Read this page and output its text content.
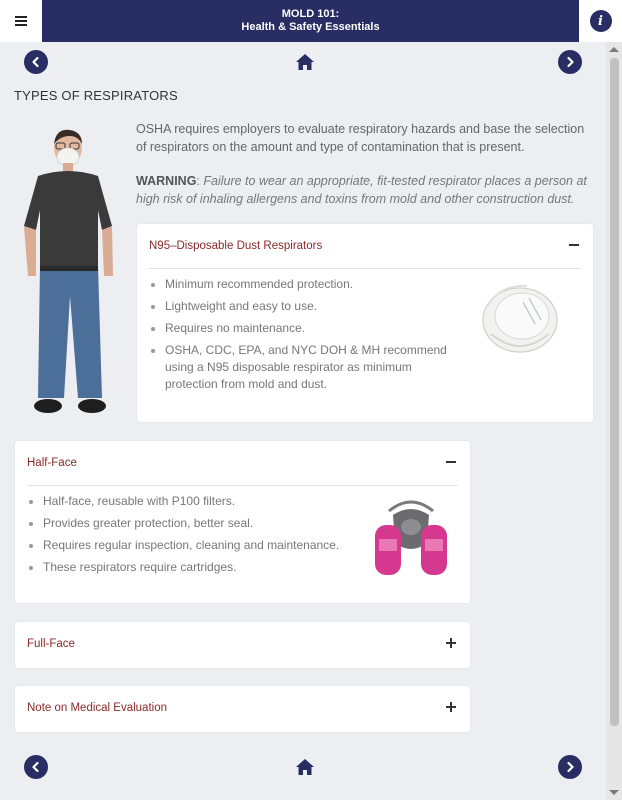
MOLD 101:
Health & Safety Essentials	i
TYPES OF RESPIRATORS

OSHA requires employers to evaluate respiratory hazards and base the selection of respirators on the amount and type of contamination that is present.

WARNING: Failure to wear an appropriate, fit-tested respirator places a person at high risk of inhaling allergens and toxins from mold and other construction dust.

N95–Disposable Dust Respirators
Minimum recommended protection.
Lightweight and easy to use.
Requires no maintenance.
OSHA, CDC, EPA, and NYC DOH & MH recommend using a N95 disposable respirator as minimum protection from mold and dust.
Half-Face
Half-face, reusable with P100 filters.
Provides greater protection, better seal.
Requires regular inspection, cleaning and maintenance.
These respirators require cartridges.
Full-Face
Note on Medical Evaluation
